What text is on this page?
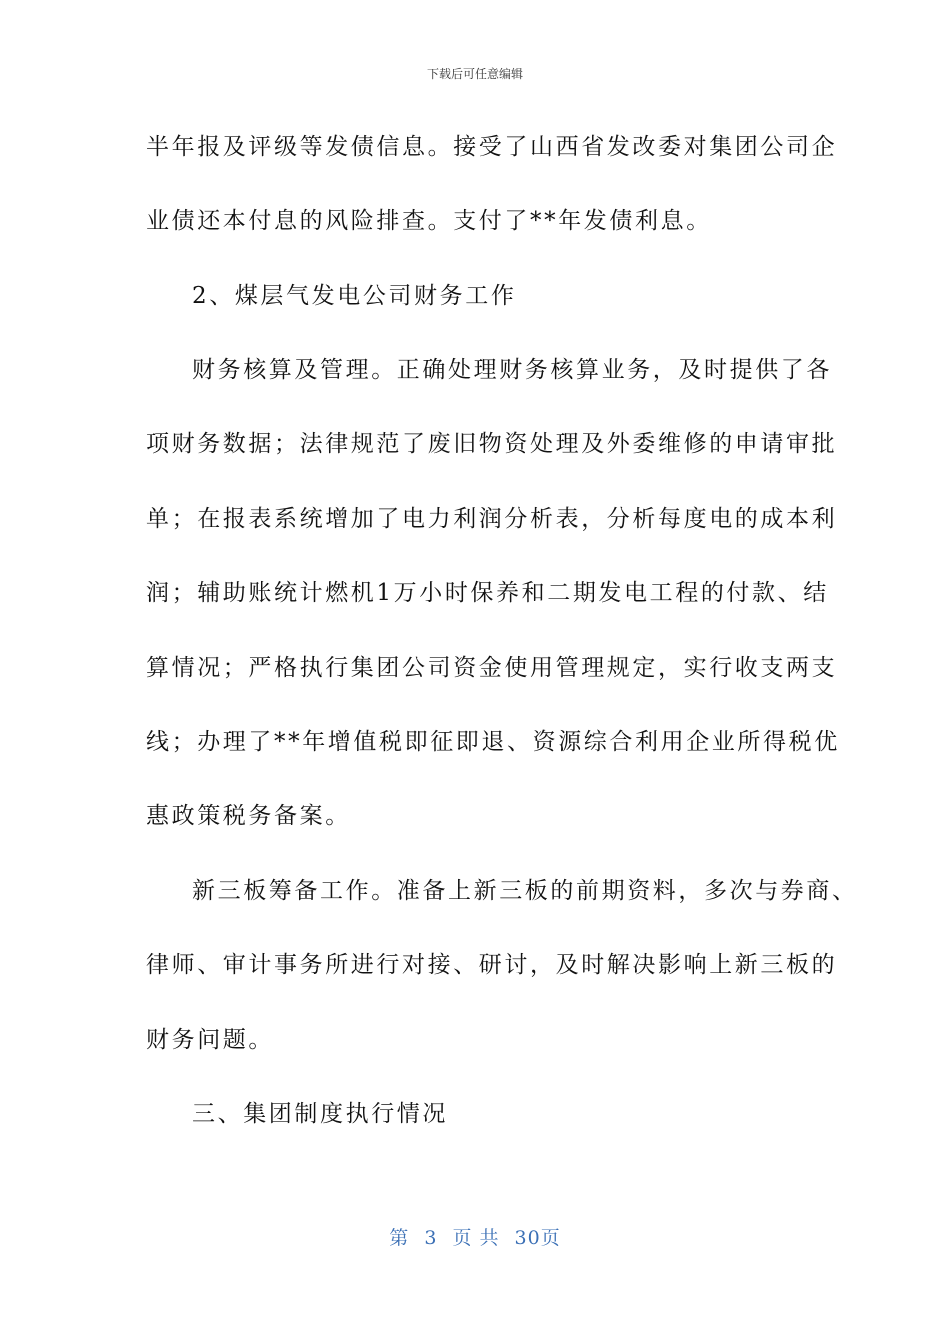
下载后可任意编辑
半年报及评级等发债信息。接受了山西省发改委对集团公司企
业债还本付息的风险排查。支付了**年发债利息。
2、煤层气发电公司财务工作
财务核算及管理。正确处理财务核算业务，及时提供了各
项财务数据；法律规范了废旧物资处理及外委维修的申请审批
单；在报表系统增加了电力利润分析表，分析每度电的成本利
润；辅助账统计燃机1万小时保养和二期发电工程的付款、结
算情况；严格执行集团公司资金使用管理规定，实行收支两支
线；办理了**年增值税即征即退、资源综合利用企业所得税优
惠政策税务备案。
新三板筹备工作。准备上新三板的前期资料，多次与券商、
律师、审计事务所进行对接、研讨，及时解决影响上新三板的
财务问题。
三、集团制度执行情况
第 3 页 共 30页
